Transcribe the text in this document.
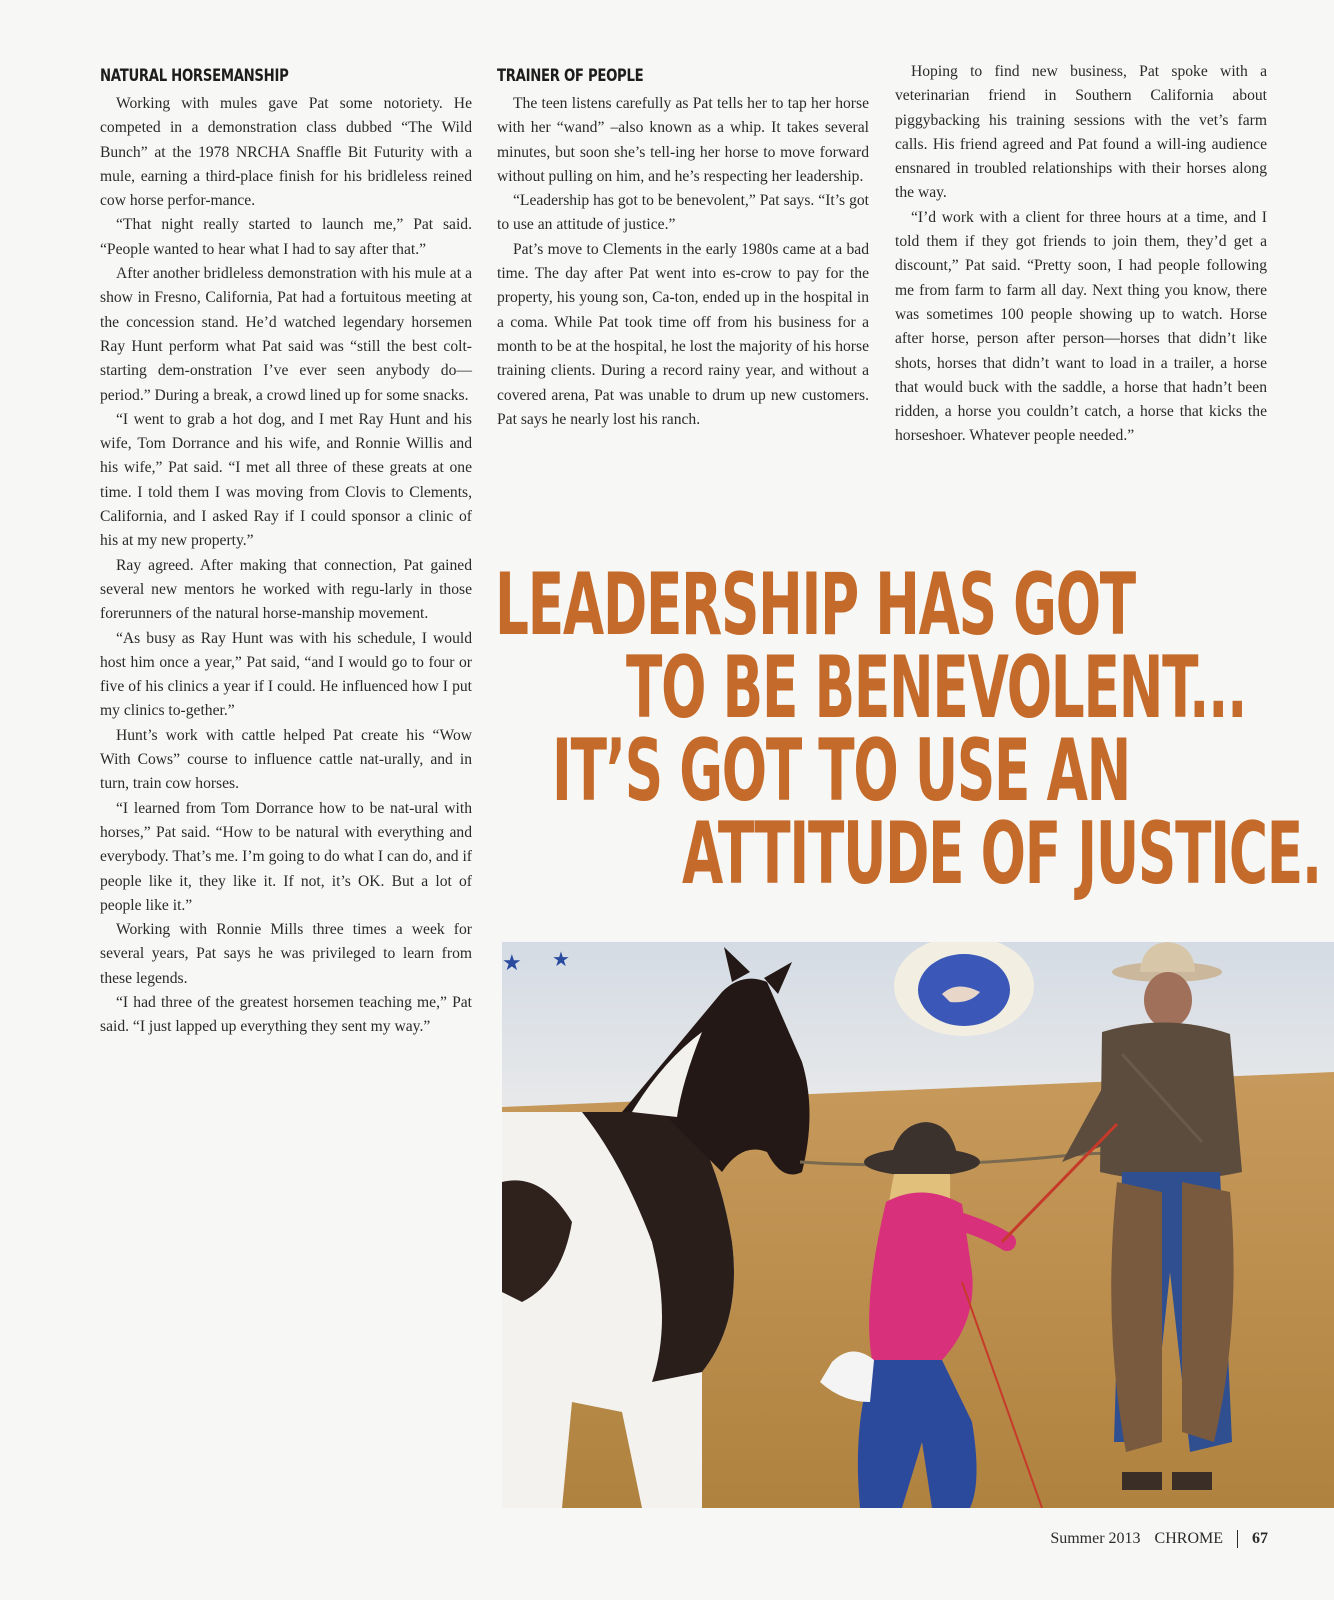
NATURAL HORSEMANSHIP

Working with mules gave Pat some notoriety. He competed in a demonstration class dubbed “The Wild Bunch” at the 1978 NRCHA Snaffle Bit Futurity with a mule, earning a third-place finish for his bridleless reined cow horse perfor-mance.

“That night really started to launch me,” Pat said. “People wanted to hear what I had to say after that.”

After another bridleless demonstration with his mule at a show in Fresno, California, Pat had a fortuitous meeting at the concession stand. He’d watched legendary horsemen Ray Hunt perform what Pat said was “still the best colt-starting dem-onstration I’ve ever seen anybody do—period.” During a break, a crowd lined up for some snacks.

“I went to grab a hot dog, and I met Ray Hunt and his wife, Tom Dorrance and his wife, and Ronnie Willis and his wife,” Pat said. “I met all three of these greats at one time. I told them I was moving from Clovis to Clements, California, and I asked Ray if I could sponsor a clinic of his at my new property.”

Ray agreed. After making that connection, Pat gained several new mentors he worked with regu-larly in those forerunners of the natural horse-manship movement.

“As busy as Ray Hunt was with his schedule, I would host him once a year,” Pat said, “and I would go to four or five of his clinics a year if I could. He influenced how I put my clinics to-gether.”

Hunt’s work with cattle helped Pat create his “Wow With Cows” course to influence cattle nat-urally, and in turn, train cow horses.

“I learned from Tom Dorrance how to be nat-ural with horses,” Pat said. “How to be natural with everything and everybody. That’s me. I’m going to do what I can do, and if people like it, they like it. If not, it’s OK. But a lot of people like it.”

Working with Ronnie Mills three times a week for several years, Pat says he was privileged to learn from these legends.

“I had three of the greatest horsemen teaching me,” Pat said. “I just lapped up everything they sent my way.”

TRAINER OF PEOPLE

The teen listens carefully as Pat tells her to tap her horse with her “wand” –also known as a whip. It takes several minutes, but soon she’s tell-ing her horse to move forward without pulling on him, and he’s respecting her leadership.

“Leadership has got to be benevolent,” Pat says. “It’s got to use an attitude of justice.”

Pat’s move to Clements in the early 1980s came at a bad time. The day after Pat went into es-crow to pay for the property, his young son, Ca-ton, ended up in the hospital in a coma. While Pat took time off from his business for a month to be at the hospital, he lost the majority of his horse training clients. During a record rainy year, and without a covered arena, Pat was unable to drum up new customers. Pat says he nearly lost his ranch.

Hoping to find new business, Pat spoke with a veterinarian friend in Southern California about piggybacking his training sessions with the vet’s farm calls. His friend agreed and Pat found a will-ing audience ensnared in troubled relationships with their horses along the way.

“I’d work with a client for three hours at a time, and I told them if they got friends to join them, they’d get a discount,” Pat said. “Pretty soon, I had people following me from farm to farm all day. Next thing you know, there was sometimes 100 people showing up to watch. Horse after horse, person after person—horses that didn’t like shots, horses that didn’t want to load in a trailer, a horse that would buck with the saddle, a horse that hadn’t been ridden, a horse you couldn’t catch, a horse that kicks the horseshoer. Whatever people needed.”

LEADERSHIP HAS GOT
TO BE BENEVOLENT...
IT’S GOT TO USE AN
ATTITUDE OF JUSTICE.
★ ★
Summer 2013 CHROME 67
